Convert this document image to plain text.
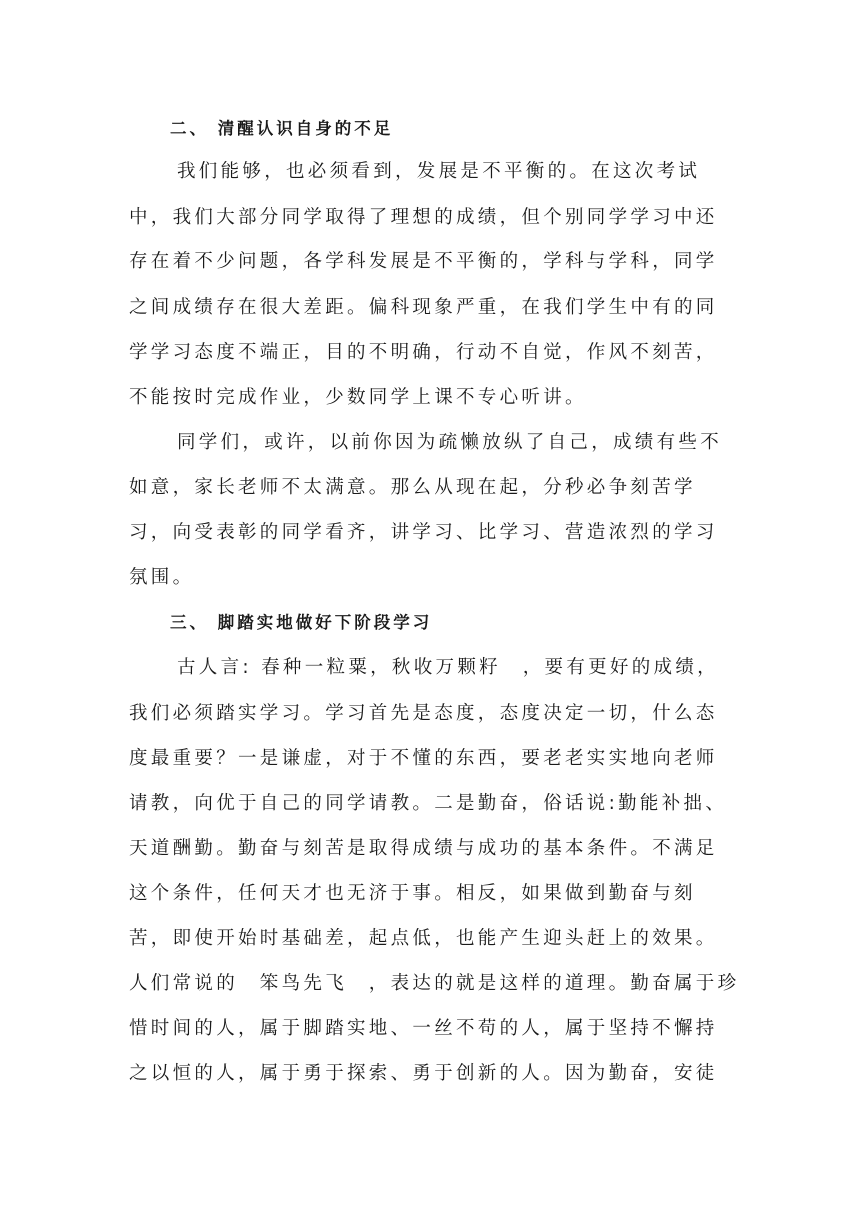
二、 清醒认识自身的不足
我们能够，也必须看到，发展是不平衡的。在这次考试
中，我们大部分同学取得了理想的成绩，但个别同学学习中还
存在着不少问题，各学科发展是不平衡的，学科与学科，同学
之间成绩存在很大差距。偏科现象严重，在我们学生中有的同
学学习态度不端正，目的不明确，行动不自觉，作风不刻苦，
不能按时完成作业，少数同学上课不专心听讲。
同学们，或许，以前你因为疏懒放纵了自己，成绩有些不
如意，家长老师不太满意。那么从现在起，分秒必争刻苦学
习，向受表彰的同学看齐，讲学习、比学习、营造浓烈的学习
氛围。
三、 脚踏实地做好下阶段学习
古人言: 春种一粒粟，秋收万颗籽　，要有更好的成绩，
我们必须踏实学习。学习首先是态度，态度决定一切，什么态
度最重要？一是谦虚，对于不懂的东西，要老老实实地向老师
请教，向优于自己的同学请教。二是勤奋，俗话说:勤能补拙、
天道酬勤。勤奋与刻苦是取得成绩与成功的基本条件。不满足
这个条件，任何天才也无济于事。相反，如果做到勤奋与刻
苦，即使开始时基础差，起点低，也能产生迎头赶上的效果。
人们常说的　笨鸟先飞　，表达的就是这样的道理。勤奋属于珍
惜时间的人，属于脚踏实地、一丝不苟的人，属于坚持不懈持
之以恒的人，属于勇于探索、勇于创新的人。因为勤奋，安徒
